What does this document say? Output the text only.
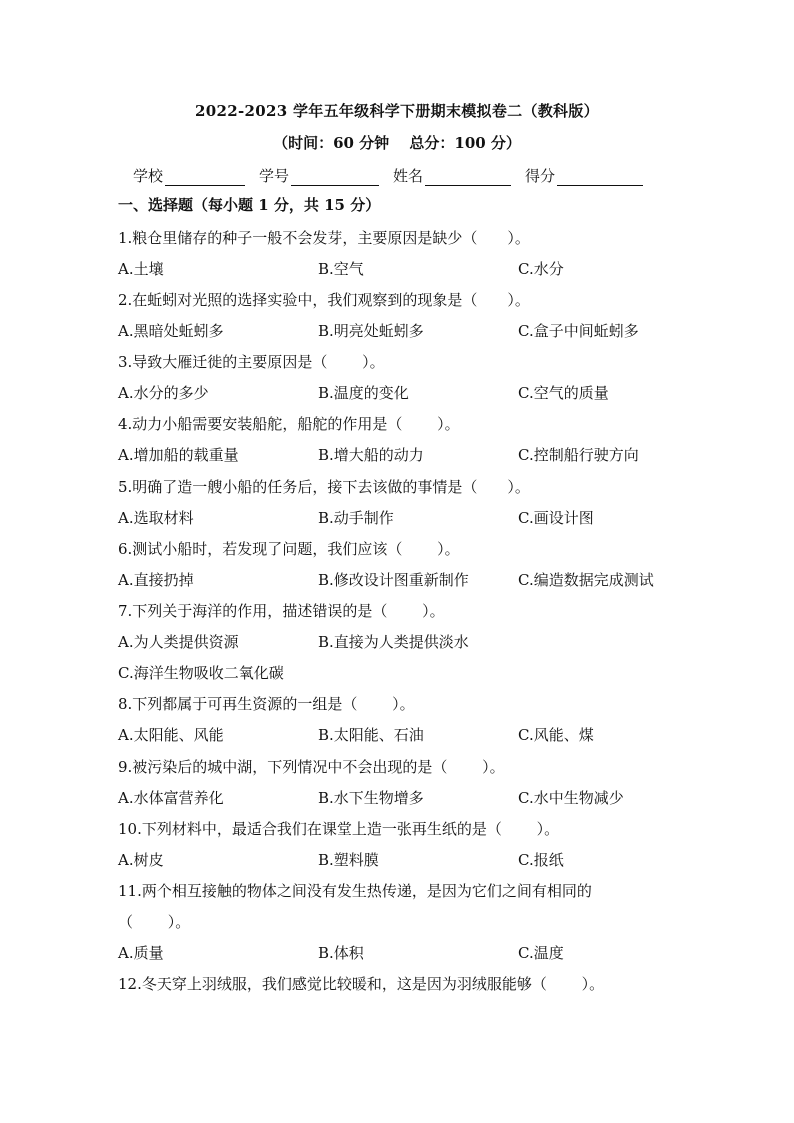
2022-2023 学年五年级科学下册期末模拟卷二（教科版）
（时间：60 分钟　 总分：100 分）
学校	学号	姓名	得分
一、选择题（每小题 1 分，共 15 分）
1.粮仓里储存的种子一般不会发芽，主要原因是缺少（　　）。
A.土壤	B.空气	C.水分
2.在蚯蚓对光照的选择实验中，我们观察到的现象是（　　）。
A.黑暗处蚯蚓多	B.明亮处蚯蚓多	C.盒子中间蚯蚓多
3.导致大雁迁徙的主要原因是（　　 ）。
A.水分的多少	B.温度的变化	C.空气的质量
4.动力小船需要安装船舵，船舵的作用是（　　 ）。
A.增加船的载重量	B.增大船的动力	C.控制船行驶方向
5.明确了造一艘小船的任务后，接下去该做的事情是（　　）。
A.选取材料	B.动手制作	C.画设计图
6.测试小船时，若发现了问题，我们应该（　　 ）。
A.直接扔掉	B.修改设计图重新制作	C.编造数据完成测试
7.下列关于海洋的作用，描述错误的是（　　 ）。
A.为人类提供资源	B.直接为人类提供淡水
C.海洋生物吸收二氧化碳
8.下列都属于可再生资源的一组是（　　 ）。
A.太阳能、风能	B.太阳能、石油	C.风能、煤
9.被污染后的城中湖，下列情况中不会出现的是（　　 ）。
A.水体富营养化	B.水下生物增多	C.水中生物减少
10.下列材料中，最适合我们在课堂上造一张再生纸的是（　　 ）。
A.树皮	B.塑料膜	C.报纸
11.两个相互接触的物体之间没有发生热传递，是因为它们之间有相同的
（　　 ）。
A.质量	B.体积	C.温度
12.冬天穿上羽绒服，我们感觉比较暖和，这是因为羽绒服能够（　　 ）。
